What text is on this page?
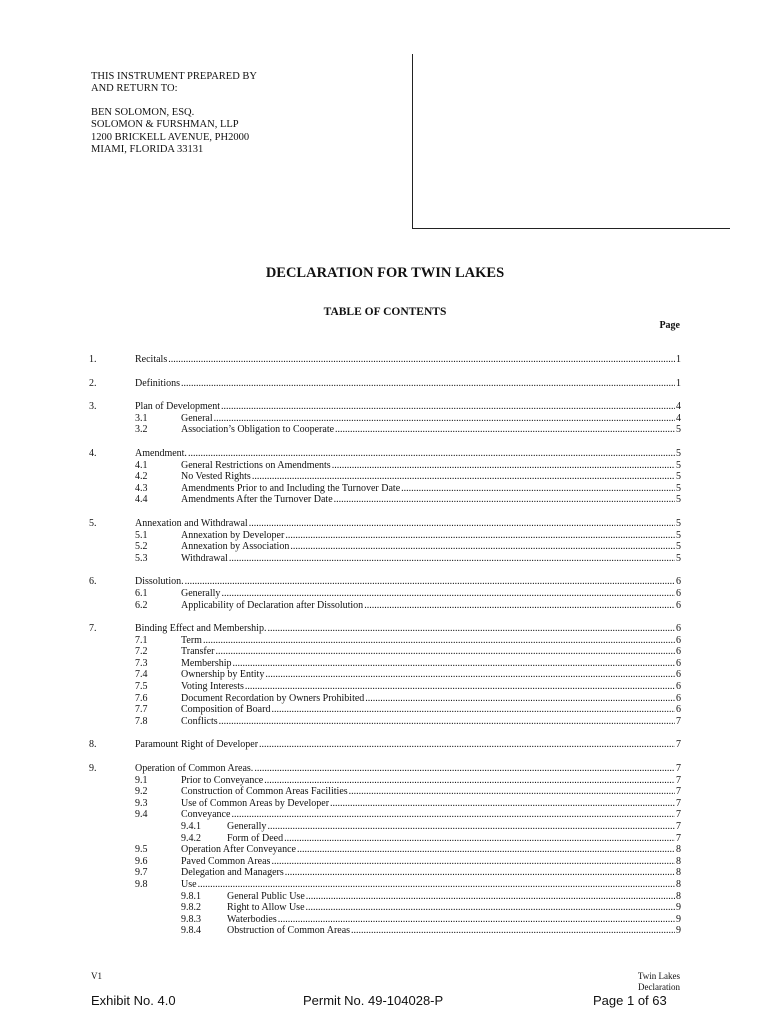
THIS INSTRUMENT PREPARED BY
AND RETURN TO:
BEN SOLOMON, ESQ.
SOLOMON & FURSHMAN, LLP
1200 BRICKELL AVENUE, PH2000
MIAMI, FLORIDA 33131
DECLARATION FOR TWIN LAKES
TABLE OF CONTENTS
Page
1.	Recitals .....	1
2.	Definitions .....	1
3.	Plan of Development .....	4
3.1	General .....	4
3.2	Association’s Obligation to Cooperate .....	5
4.	Amendment. .....	5
4.1	General Restrictions on Amendments .....	5
4.2	No Vested Rights .....	5
4.3	Amendments Prior to and Including the Turnover Date .....	5
4.4	Amendments After the Turnover Date .....	5
5.	Annexation and Withdrawal .....	5
5.1	Annexation by Developer .....	5
5.2	Annexation by Association .....	5
5.3	Withdrawal .....	5
6.	Dissolution. .....	6
6.1	Generally .....	6
6.2	Applicability of Declaration after Dissolution .....	6
7.	Binding Effect and Membership. .....	6
7.1	Term .....	6
7.2	Transfer .....	6
7.3	Membership .....	6
7.4	Ownership by Entity .....	6
7.5	Voting Interests .....	6
7.6	Document Recordation by Owners Prohibited .....	6
7.7	Composition of Board .....	6
7.8	Conflicts .....	7
8.	Paramount Right of Developer .....	7
9.	Operation of Common Areas. .....	7
9.1	Prior to Conveyance .....	7
9.2	Construction of Common Areas Facilities .....	7
9.3	Use of Common Areas by Developer .....	7
9.4	Conveyance .....	7
9.4.1	Generally .....	7
9.4.2	Form of Deed .....	7
9.5	Operation After Conveyance .....	8
9.6	Paved Common Areas .....	8
9.7	Delegation and Managers .....	8
9.8	Use .....	8
9.8.1	General Public Use .....	8
9.8.2	Right to Allow Use .....	9
9.8.3	Waterbodies .....	9
9.8.4	Obstruction of Common Areas .....	9
V1	Twin Lakes
Declaration
Exhibit No. 4.0	Permit No. 49-104028-P	Page 1 of 63
